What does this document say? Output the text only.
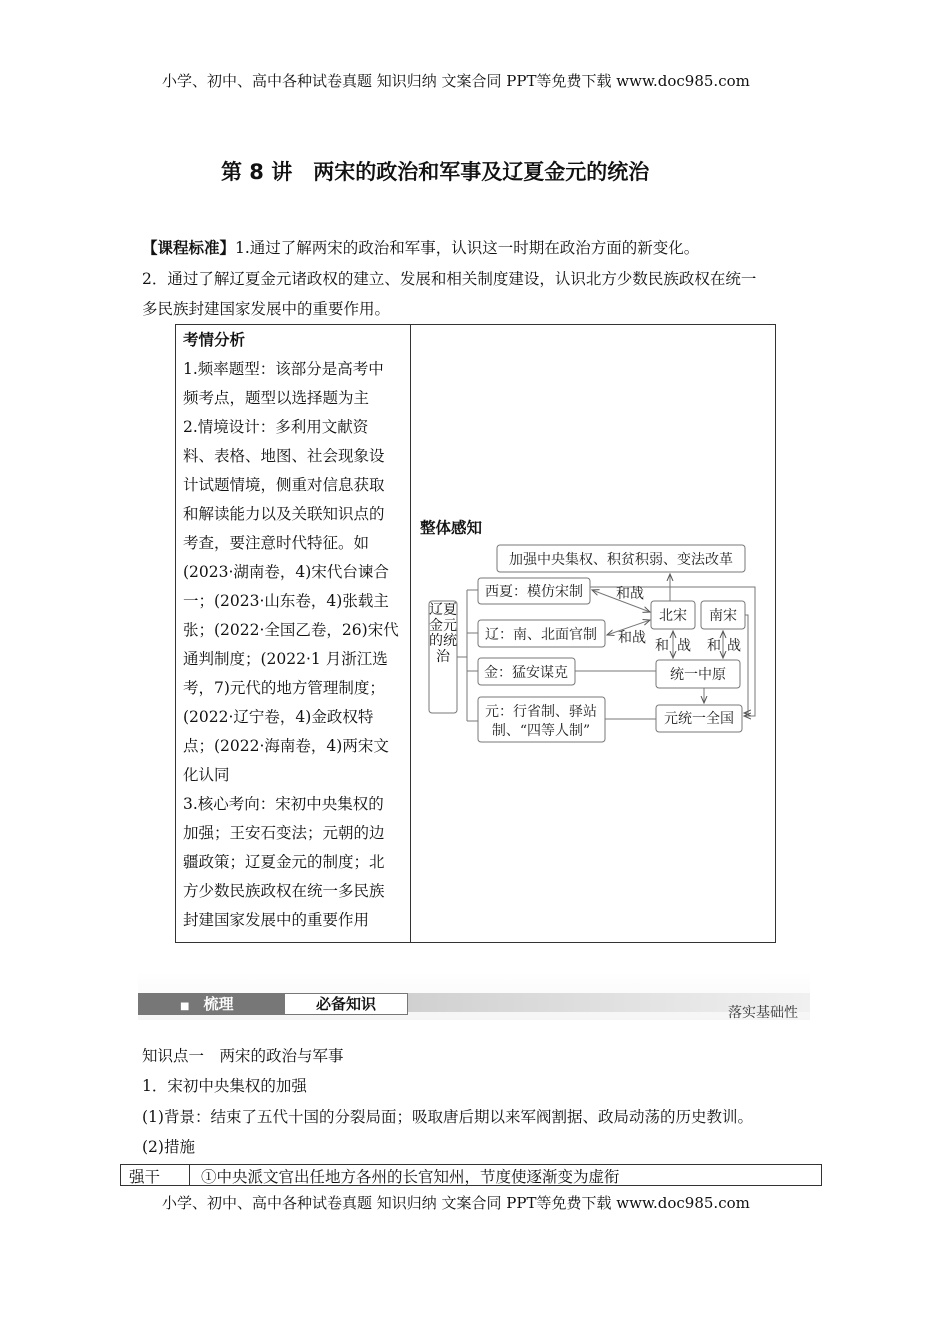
小学、初中、高中各种试卷真题 知识归纳 文案合同 PPT等免费下载 www.doc985.com
第 8 讲　两宋的政治和军事及辽夏金元的统治
【课程标准】1.通过了解两宋的政治和军事，认识这一时期在政治方面的新变化。
2．通过了解辽夏金元诸政权的建立、发展和相关制度建设，认识北方少数民族政权在统一
多民族封建国家发展中的重要作用。
考情分析
1.频率题型：该部分是高考中
频考点，题型以选择题为主
2.情境设计：多利用文献资
料、表格、地图、社会现象设
计试题情境，侧重对信息获取
和解读能力以及关联知识点的
考查，要注意时代特征。如
(2023·湖南卷，4)宋代台谏合
一；(2023·山东卷，4)张载主
张；(2022·全国乙卷，26)宋代
通判制度；(2022·1 月浙江选
考，7)元代的地方管理制度；
(2022·辽宁卷，4)金政权特
点；(2022·海南卷，4)两宋文
化认同
3.核心考向：宋初中央集权的
加强；王安石变法；元朝的边
疆政策；辽夏金元的制度；北
方少数民族政权在统一多民族
封建国家发展中的重要作用
整体感知
加强中央集权、积贫积弱、变法改革
西夏：模仿宋制
辽：南、北面官制
金：猛安谋克
元：行省制、驿站
制、“四等人制”
北宋 南宋
统一中原
元统一全国
和战
和战 和 战 和 战
辽夏金元的统治
■ 梳理	必备知识	落实基础性
知识点一　两宋的政治与军事
1．宋初中央集权的加强
(1)背景：结束了五代十国的分裂局面；吸取唐后期以来军阀割据、政局动荡的历史教训。
(2)措施
强干	①中央派文官出任地方各州的长官知州，节度使逐渐变为虚衔
小学、初中、高中各种试卷真题 知识归纳 文案合同 PPT等免费下载 www.doc985.com
